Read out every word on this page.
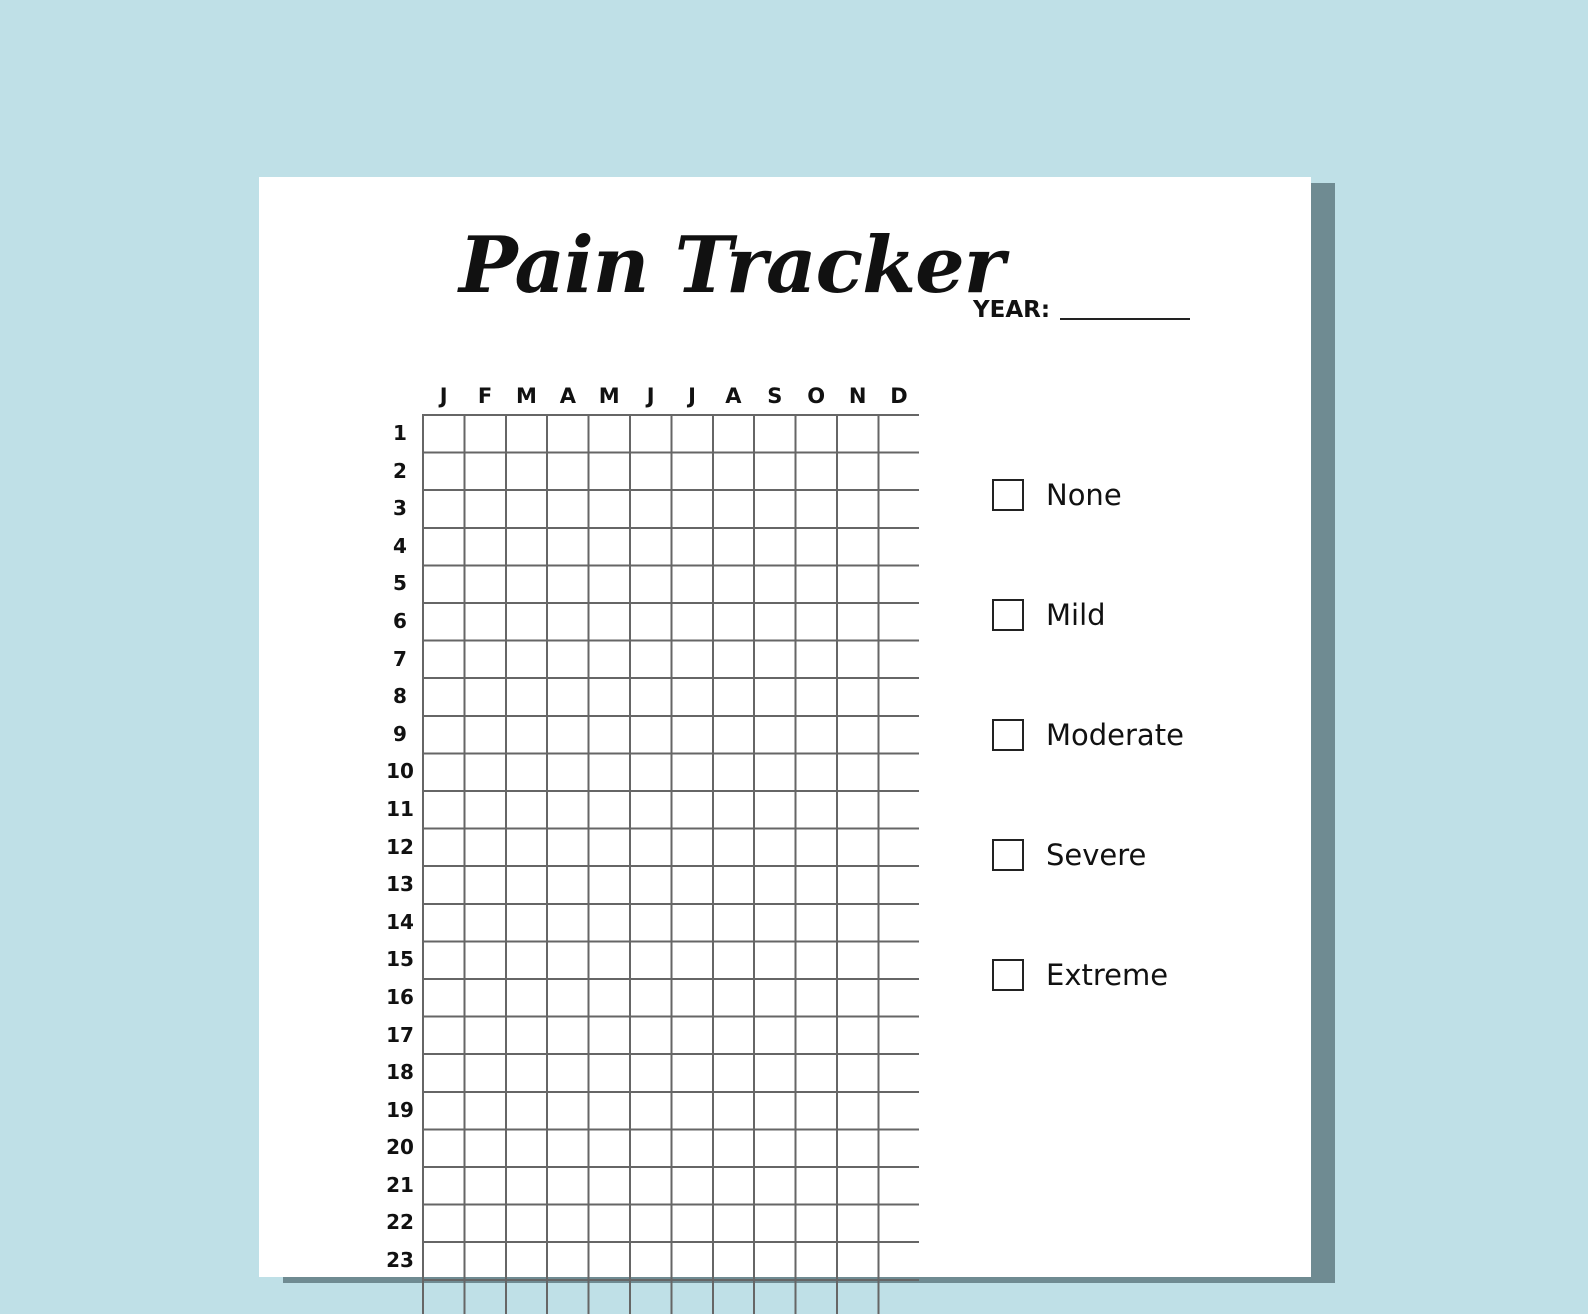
Pain Tracker
YEAR:
J	F	M	A	M	J	J	A	S	O	N	D
1
2
3
4
5
6
7
8
9
10
11
12
13
14
15
16
17
18
19
20
21
22
23
None
Mild
Moderate
Severe
Extreme
